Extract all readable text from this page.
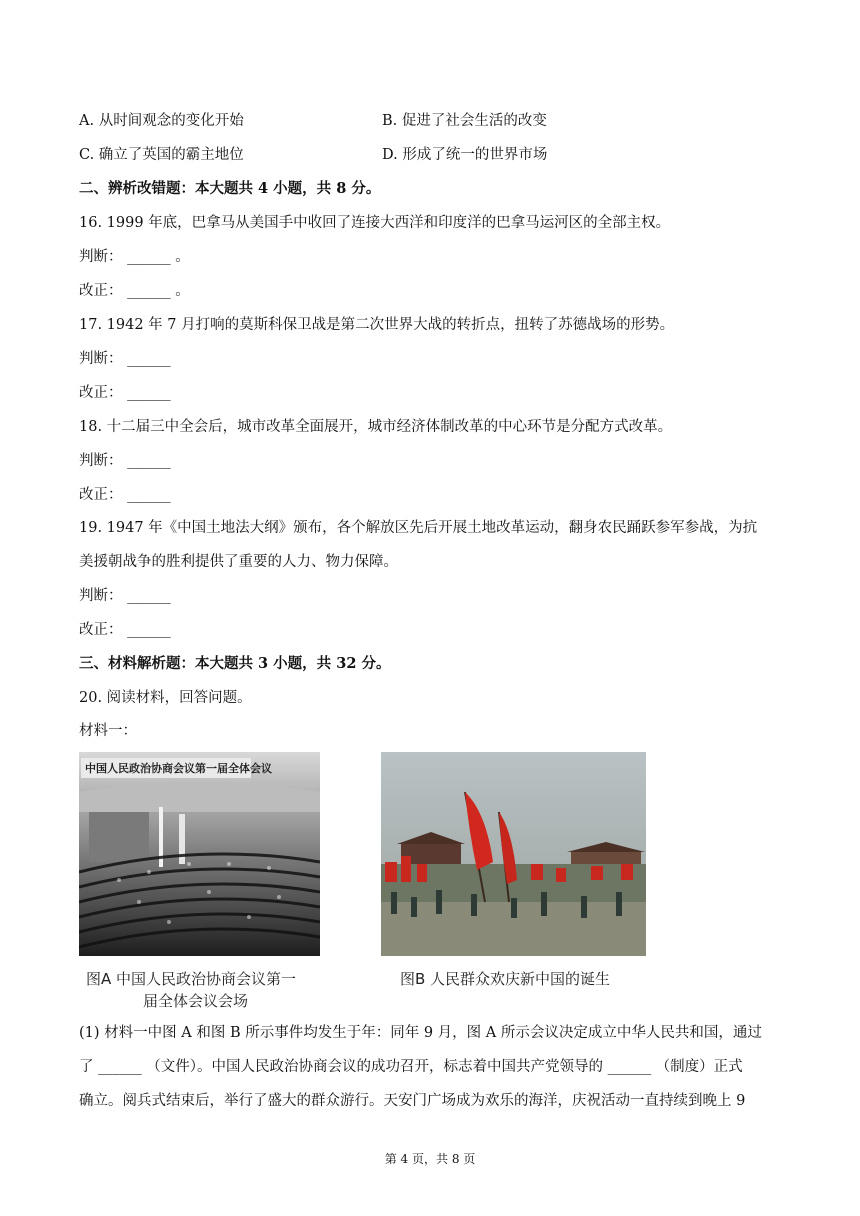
A. 从时间观念的变化开始	B. 促进了社会生活的改变
C. 确立了英国的霸主地位	D. 形成了统一的世界市场
二、辨析改错题：本大题共 4 小题，共 8 分。
16. 1999 年底，巴拿马从美国手中收回了连接大西洋和印度洋的巴拿马运河区的全部主权。
判断： ______ 。
改正： ______ 。
17. 1942 年 7 月打响的莫斯科保卫战是第二次世界大战的转折点，扭转了苏德战场的形势。
判断： ______
改正： ______
18. 十二届三中全会后，城市改革全面展开，城市经济体制改革的中心环节是分配方式改革。
判断： ______
改正： ______
19. 1947 年《中国土地法大纲》颁布，各个解放区先后开展土地改革运动，翻身农民踊跃参军参战，为抗
美援朝战争的胜利提供了重要的人力、物力保障。
判断： ______
改正： ______
三、材料解析题：本大题共 3 小题，共 32 分。
20. 阅读材料，回答问题。
材料一：
中国人民政治协商会议第一届全体会议
图A 中国人民政治协商会议第一
届全体会议会场
图B 人民群众欢庆新中国的诞生
(1) 材料一中图 A 和图 B 所示事件均发生于年：同年 9 月，图 A 所示会议决定成立中华人民共和国，通过
了 ______ （文件）。中国人民政治协商会议的成功召开，标志着中国共产党领导的 ______ （制度）正式
确立。阅兵式结束后，举行了盛大的群众游行。天安门广场成为欢乐的海洋，庆祝活动一直持续到晚上 9
第 4 页，共 8 页
